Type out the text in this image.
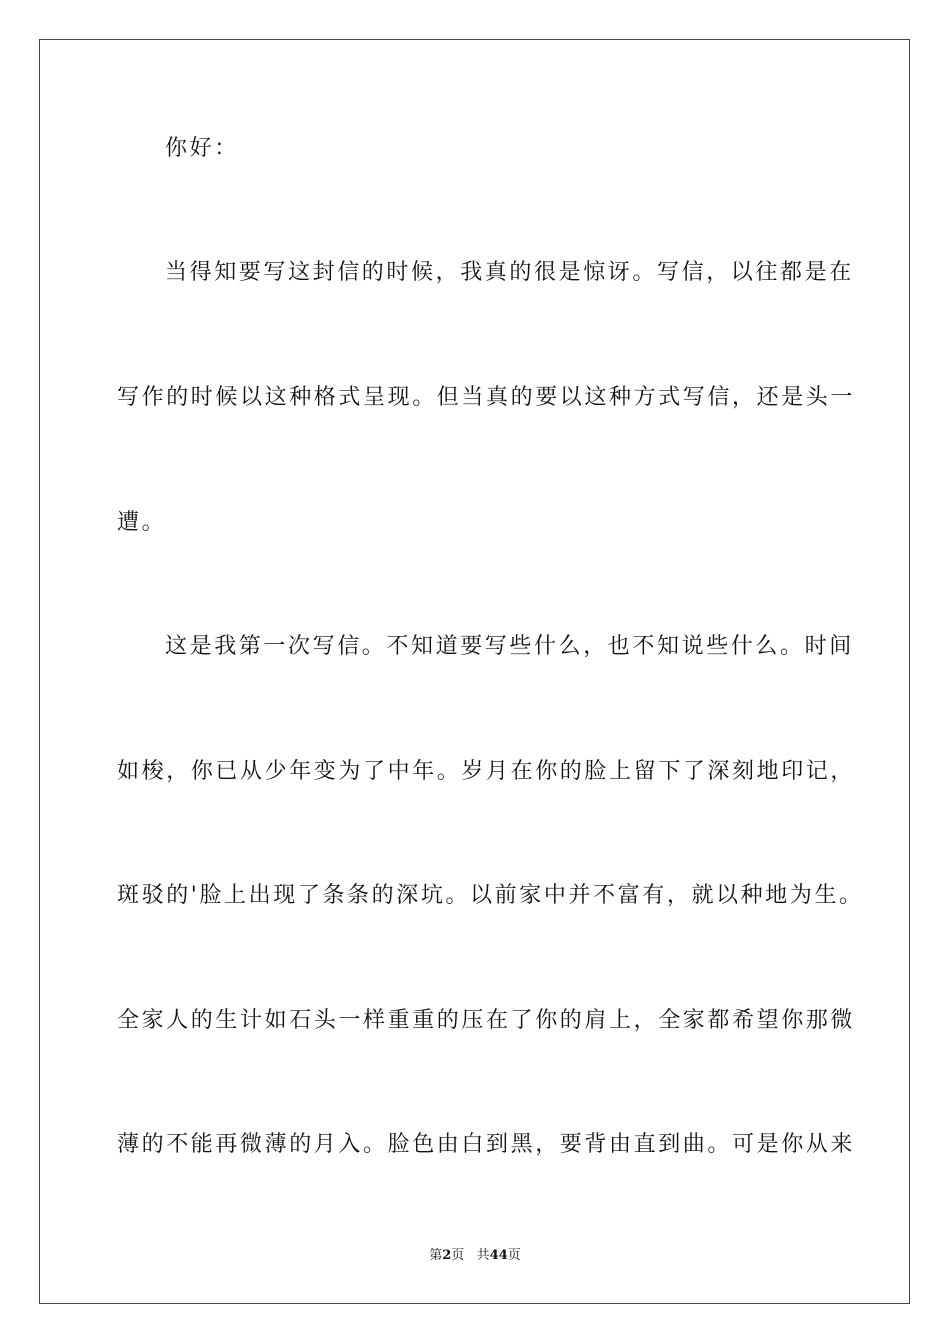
你好：
当得知要写这封信的时候，我真的很是惊讶。写信，以往都是在
写作的时候以这种格式呈现。但当真的要以这种方式写信，还是头一
遭。
这是我第一次写信。不知道要写些什么，也不知说些什么。时间
如梭，你已从少年变为了中年。岁月在你的脸上留下了深刻地印记，
斑驳的'脸上出现了条条的深坑。以前家中并不富有，就以种地为生。
全家人的生计如石头一样重重的压在了你的肩上，全家都希望你那微
薄的不能再微薄的月入。脸色由白到黑，要背由直到曲。可是你从来
第2页 共44页
